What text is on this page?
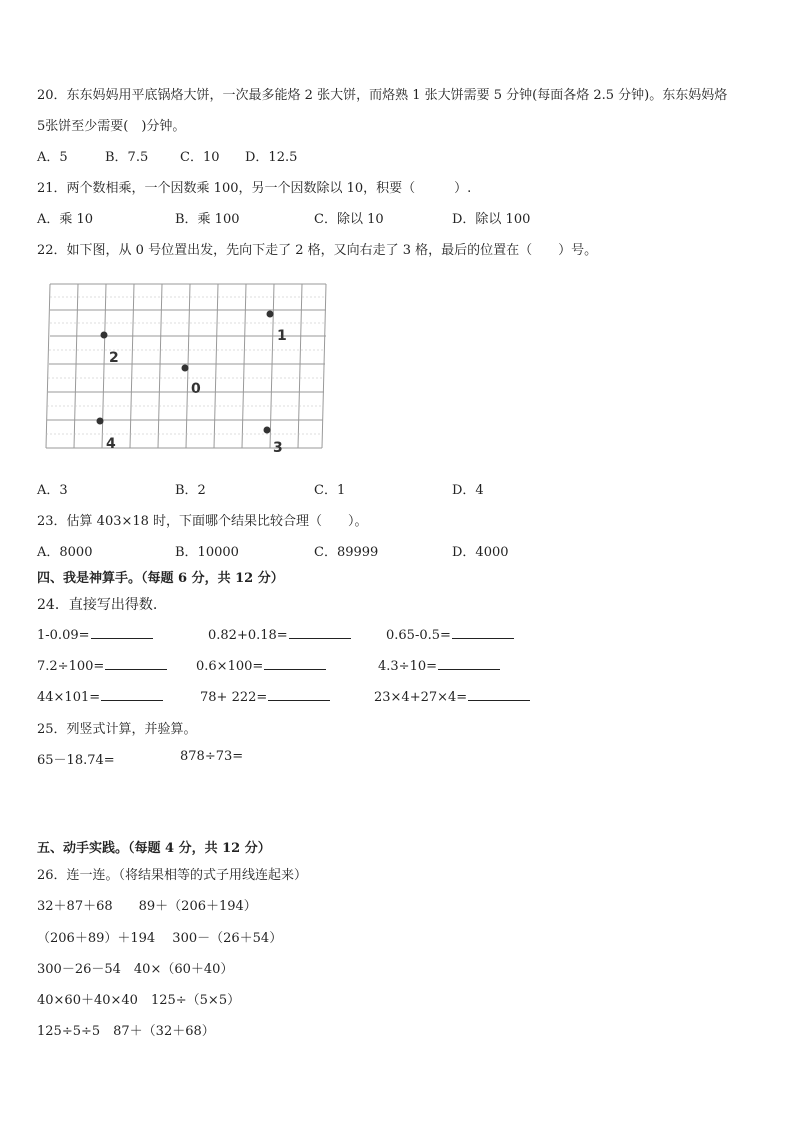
20．东东妈妈用平底锅烙大饼，一次最多能烙 2 张大饼，而烙熟 1 张大饼需要 5 分钟(每面各烙 2.5 分钟)。东东妈妈烙
5张饼至少需要(　)分钟。
A．5	B．7.5 C．10 D．12.5
21．两个数相乘，一个因数乘 100，另一个因数除以 10，积要（　　　）.
A．乘 10	B．乘 100	C．除以 10	D．除以 100
22．如下图，从 0 号位置出发，先向下走了 2 格，又向右走了 3 格，最后的位置在（　　）号。
2
1
0
4	3
A．3	B．2	C．1	D．4
23．估算 403×18 时，下面哪个结果比较合理（　　）。
A．8000	B．10000	C．89999	D．4000
四、我是神算手。（每题 6 分，共 12 分）
24．直接写出得数.
1-0.09=	0.82+0.18=	0.65-0.5=
7.2÷100=	0.6×100=	4.3÷10=
44×101=	78+ 222=	23×4+27×4=
25．列竖式计算，并验算。
65－18.74=	878÷73=
五、动手实践。（每题 4 分，共 12 分）
26．连一连。（将结果相等的式子用线连起来）
32＋87＋68　　89＋（206＋194）
（206＋89）＋194　 300－（26＋54）
300－26－54　40×（60＋40）
40×60＋40×40　125÷（5×5）
125÷5÷5　87＋（32＋68）
